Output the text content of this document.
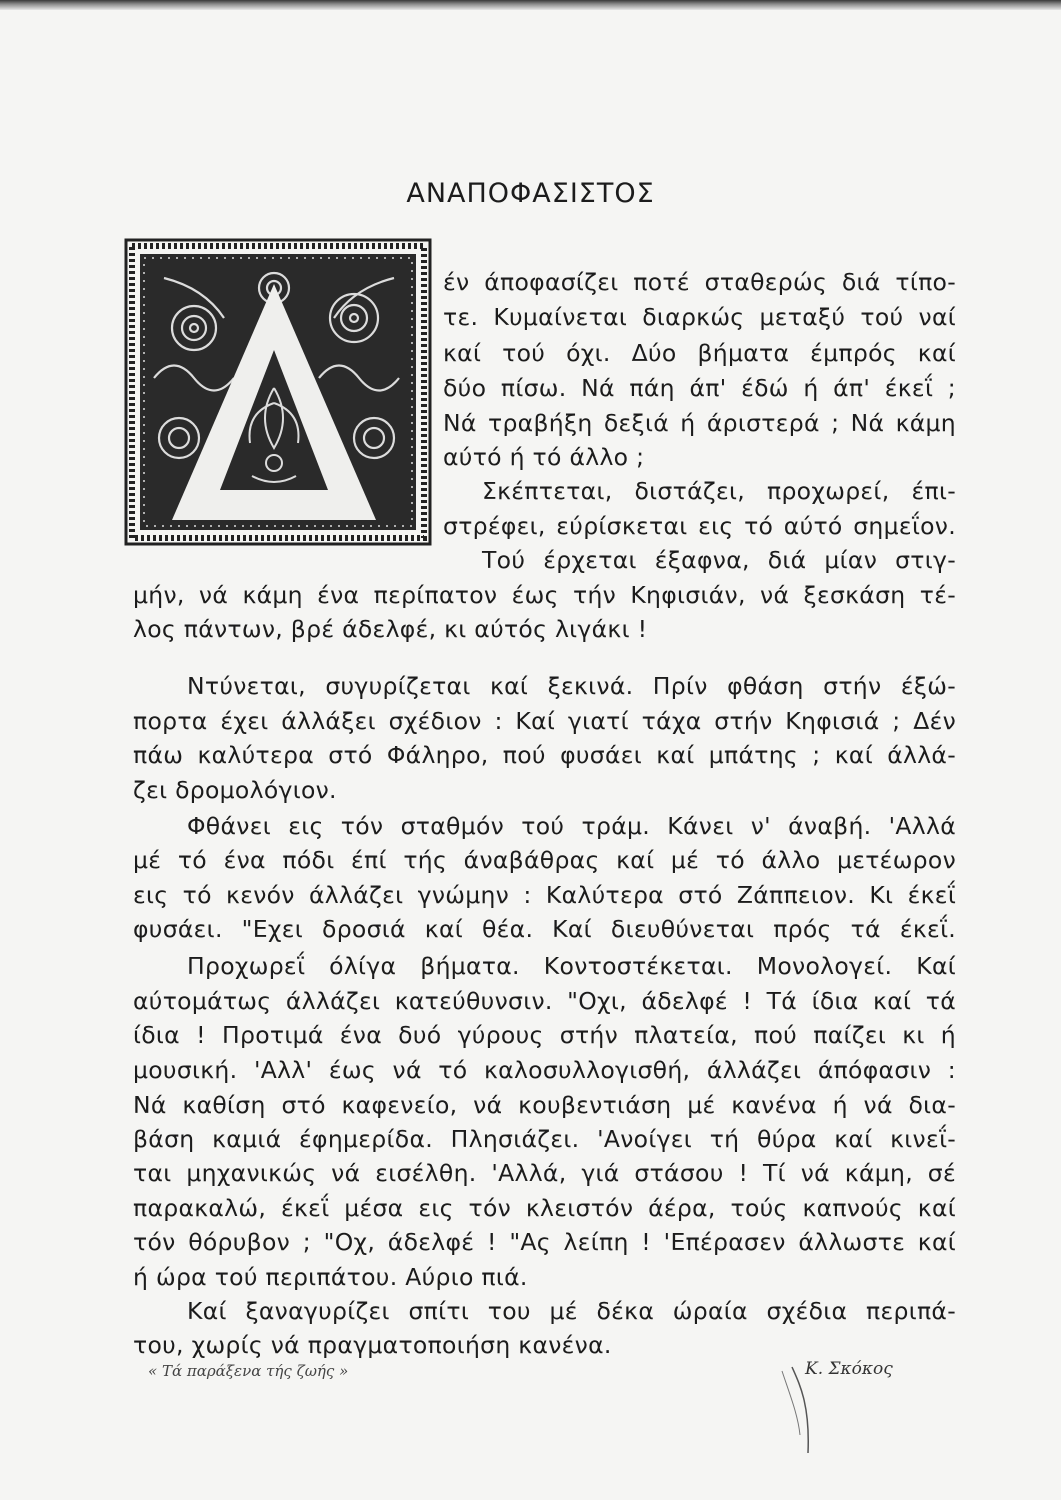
ΑΝΑΠΟΦΑΣΙΣΤΟΣ
έν άποφασίζει ποτέ σταθερώς διά τίπο-
τε. Κυμαίνεται διαρκώς μεταξύ τού ναί
καί τού όχι. Δύο βήματα έμπρός καί
δύο πίσω. Νά πάη άπ' έδώ ή άπ' έκεΐ ;
Νά τραβήξη δεξιά ή άριστερά ; Νά κάμη
αύτό ή τό άλλο ;
Σκέπτεται, διστάζει, προχωρεί, έπι-
στρέφει, εύρίσκεται εις τό αύτό σημεΐον.
Τού έρχεται έξαφνα, διά μίαν στιγ-
μήν, νά κάμη ένα περίπατον έως τήν Κηφισιάν, νά ξεσκάση τέ-
λος πάντων, βρέ άδελφέ, κι αύτός λιγάκι !
Ντύνεται, συγυρίζεται καί ξεκινά. Πρίν φθάση στήν έξώ-
πορτα έχει άλλάξει σχέδιον : Καί γιατί τάχα στήν Κηφισιά ; Δέν
πάω καλύτερα στό Φάληρο, πού φυσάει καί μπάτης ; καί άλλά-
ζει δρομολόγιον.
Φθάνει εις τόν σταθμόν τού τράμ. Κάνει ν' άναβή. 'Αλλά
μέ τό ένα πόδι έπί τής άναβάθρας καί μέ τό άλλο μετέωρον
εις τό κενόν άλλάζει γνώμην : Καλύτερα στό Ζάππειον. Κι έκεΐ
φυσάει. "Εχει δροσιά καί θέα. Καί διευθύνεται πρός τά έκεΐ.
Προχωρεΐ όλίγα βήματα. Κοντοστέκεται. Μονολογεί. Καί
αύτομάτως άλλάζει κατεύθυνσιν. "Οχι, άδελφέ ! Τά ίδια καί τά
ίδια ! Προτιμά ένα δυό γύρους στήν πλατεία, πού παίζει κι ή
μουσική. 'Αλλ' έως νά τό καλοσυλλογισθή, άλλάζει άπόφασιν :
Νά καθίση στό καφενείο, νά κουβεντιάση μέ κανένα ή νά δια-
βάση καμιά έφημερίδα. Πλησιάζει. 'Ανοίγει τή θύρα καί κινεΐ-
ται μηχανικώς νά εισέλθη. 'Αλλά, γιά στάσου ! Τί νά κάμη, σέ
παρακαλώ, έκεΐ μέσα εις τόν κλειστόν άέρα, τούς καπνούς καί
τόν θόρυβον ; "Οχ, άδελφέ ! "Ας λείπη ! 'Επέρασεν άλλωστε καί
ή ώρα τού περιπάτου. Αύριο πιά.
Καί ξαναγυρίζει σπίτι του μέ δέκα ώραία σχέδια περιπά-
του, χωρίς νά πραγματοποιήση κανένα.
« Τά παράξενα τής ζωής »	Κ. Σκόκος
